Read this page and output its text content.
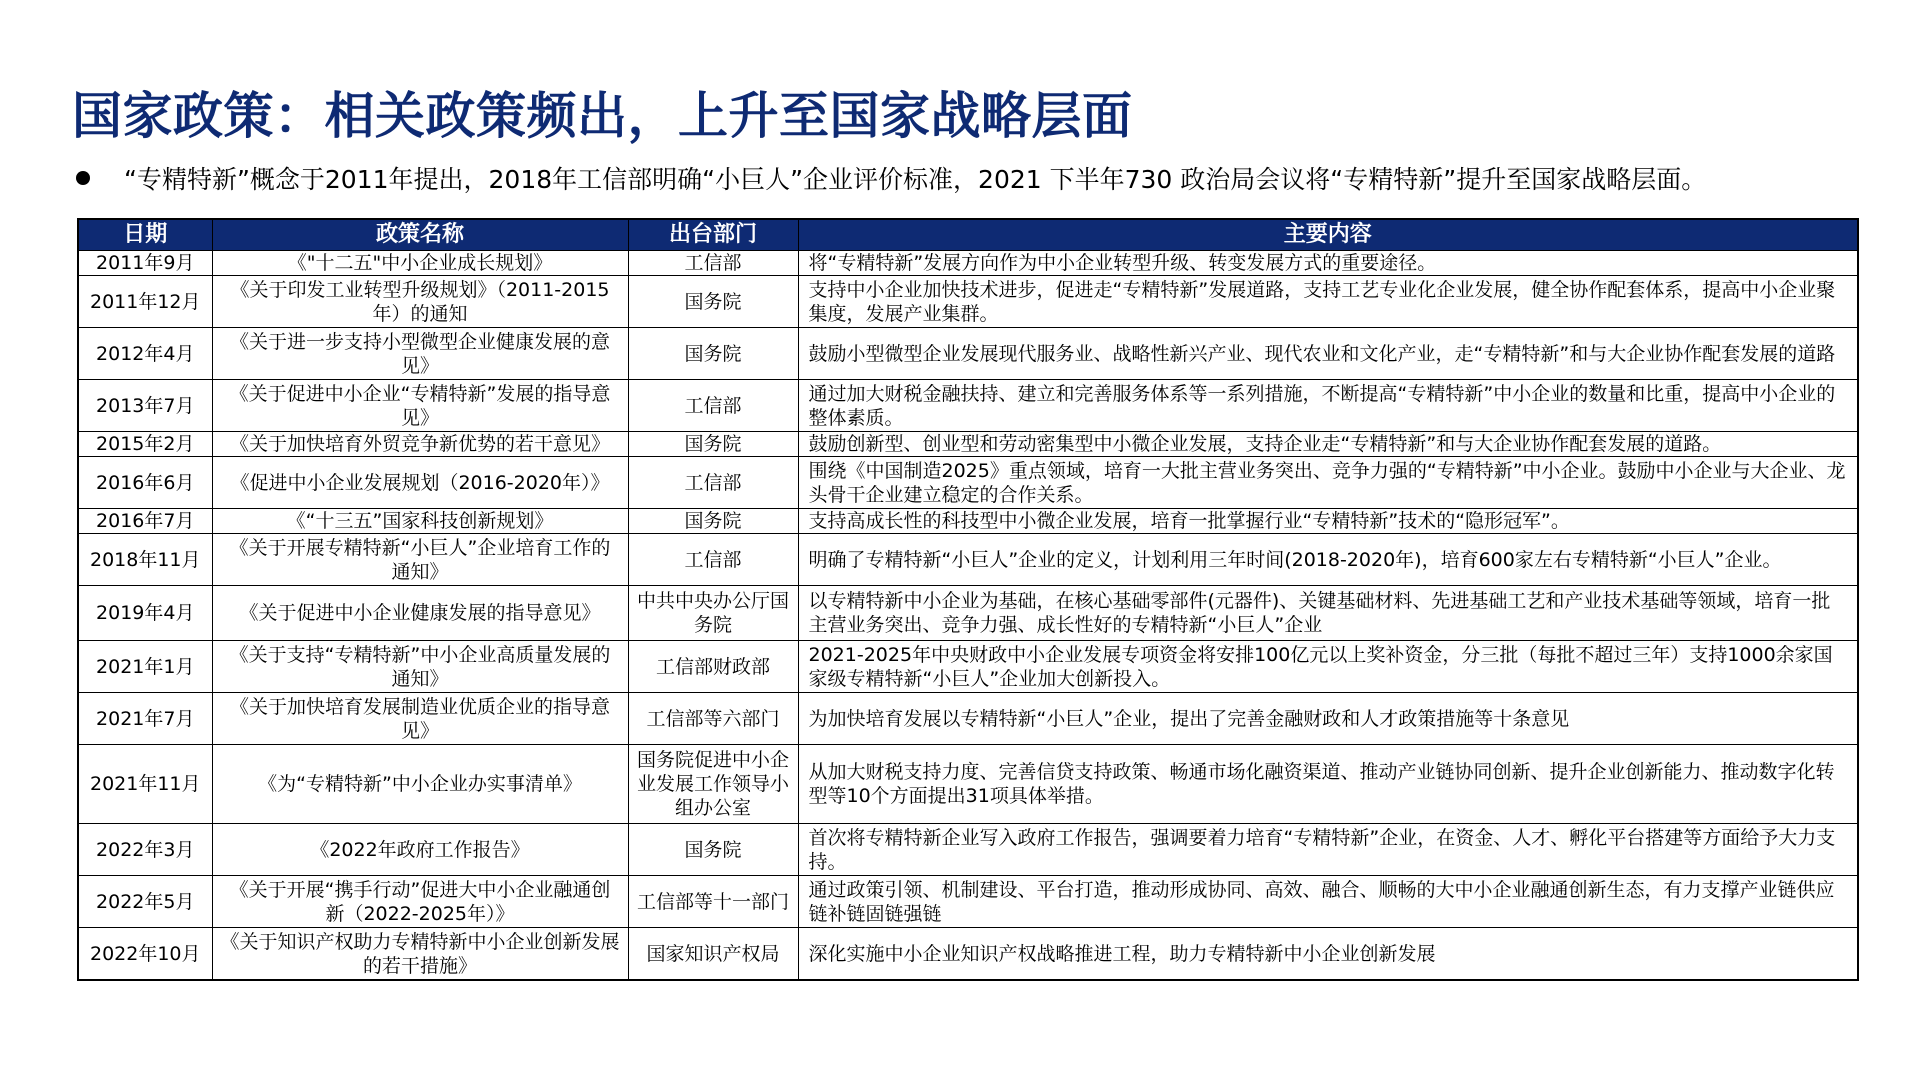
国家政策：相关政策频出，上升至国家战略层面
“专精特新”概念于2011年提出，2018年工信部明确“小巨人”企业评价标准，2021 下半年730 政治局会议将“专精特新”提升至国家战略层面。
日期	政策名称	出台部门	主要内容
2011年9月	《"十二五"中小企业成长规划》	工信部	将“专精特新”发展方向作为中小企业转型升级、转变发展方式的重要途径。
2011年12月	《关于印发工业转型升级规划》（2011-2015年）的通知	国务院	支持中小企业加快技术进步，促进走“专精特新”发展道路，支持工艺专业化企业发展，健全协作配套体系，提高中小企业聚集度，发展产业集群。
2012年4月	《关于进一步支持小型微型企业健康发展的意见》	国务院	鼓励小型微型企业发展现代服务业、战略性新兴产业、现代农业和文化产业，走“专精特新”和与大企业协作配套发展的道路
2013年7月	《关于促进中小企业“专精特新”发展的指导意见》	工信部	通过加大财税金融扶持、建立和完善服务体系等一系列措施，不断提高“专精特新”中小企业的数量和比重，提高中小企业的整体素质。
2015年2月	《关于加快培育外贸竞争新优势的若干意见》	国务院	鼓励创新型、创业型和劳动密集型中小微企业发展，支持企业走“专精特新”和与大企业协作配套发展的道路。
2016年6月	《促进中小企业发展规划（2016-2020年）》	工信部	围绕《中国制造2025》重点领域，培育一大批主营业务突出、竞争力强的“专精特新”中小企业。鼓励中小企业与大企业、龙头骨干企业建立稳定的合作关系。
2016年7月	《“十三五”国家科技创新规划》	国务院	支持高成长性的科技型中小微企业发展，培育一批掌握行业“专精特新”技术的“隐形冠军”。
2018年11月	《关于开展专精特新“小巨人”企业培育工作的通知》	工信部	明确了专精特新“小巨人”企业的定义，计划利用三年时间(2018-2020年)，培育600家左右专精特新“小巨人”企业。
2019年4月	《关于促进中小企业健康发展的指导意见》	中共中央办公厅国务院	以专精特新中小企业为基础，在核心基础零部件(元器件)、关键基础材料、先进基础工艺和产业技术基础等领域，培育一批主营业务突出、竞争力强、成长性好的专精特新“小巨人”企业
2021年1月	《关于支持“专精特新”中小企业高质量发展的通知》	工信部财政部	2021-2025年中央财政中小企业发展专项资金将安排100亿元以上奖补资金，分三批（每批不超过三年）支持1000余家国家级专精特新“小巨人”企业加大创新投入。
2021年7月	《关于加快培育发展制造业优质企业的指导意见》	工信部等六部门	为加快培育发展以专精特新“小巨人”企业，提出了完善金融财政和人才政策措施等十条意见
2021年11月	《为“专精特新”中小企业办实事清单》	国务院促进中小企业发展工作领导小组办公室	从加大财税支持力度、完善信贷支持政策、畅通市场化融资渠道、推动产业链协同创新、提升企业创新能力、推动数字化转型等10个方面提出31项具体举措。
2022年3月	《2022年政府工作报告》	国务院	首次将专精特新企业写入政府工作报告，强调要着力培育“专精特新”企业，在资金、人才、孵化平台搭建等方面给予大力支持。
2022年5月	《关于开展“携手行动”促进大中小企业融通创新（2022-2025年）》	工信部等十一部门	通过政策引领、机制建设、平台打造，推动形成协同、高效、融合、顺畅的大中小企业融通创新生态，有力支撑产业链供应链补链固链强链
2022年10月	《关于知识产权助力专精特新中小企业创新发展的若干措施》	国家知识产权局	深化实施中小企业知识产权战略推进工程，助力专精特新中小企业创新发展
